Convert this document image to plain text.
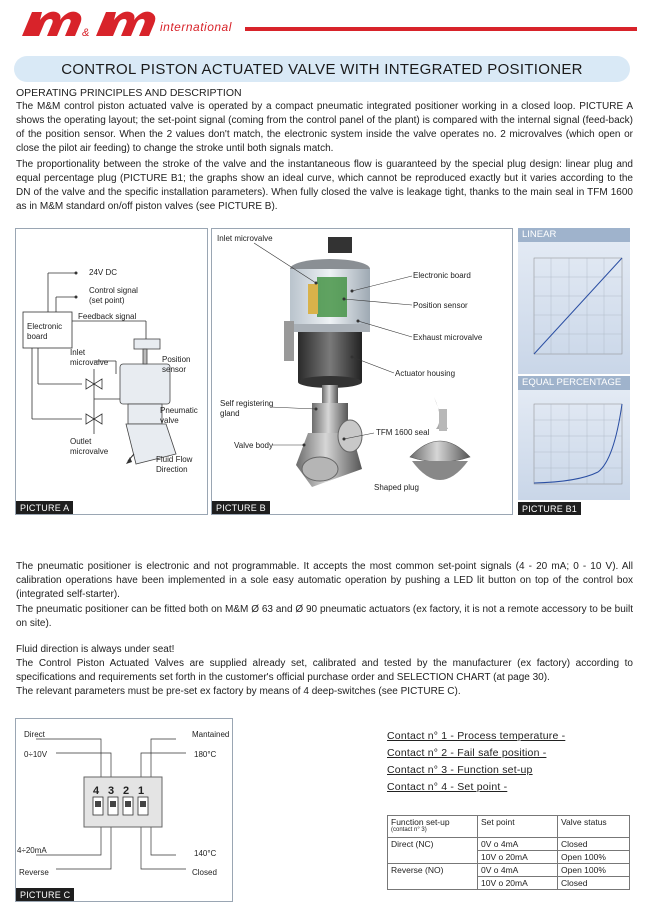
&	international
CONTROL PISTON ACTUATED VALVE WITH INTEGRATED POSITIONER
OPERATING PRINCIPLES AND DESCRIPTION
The M&M control piston actuated valve is operated by a compact pneumatic integrated positioner working in a closed loop. PICTURE A shows the operating layout; the set-point signal (coming from the control panel of the plant) is compared with the internal signal (feed-back) of the position sensor. When the 2 values don't match, the electronic system inside the valve operates no. 2 microvalves (which open or close the pilot air feeding) to change the stroke until both signals match.
The proportionality between the stroke of the valve and the instantaneous flow is guaranteed by the special plug design: linear plug and equal percentage plug (PICTURE B1; the graphs show an ideal curve, which cannot be reproduced exactly but it varies according to the DN of the valve and the specific installation parameters). When fully closed the valve is leakage tight, thanks to the main seal in TFM 1600 as in M&M standard on/off piston valves (see PICTURE B).
24V DC
Control signal
(set point)
Feedback signal
Electronic
board
Inlet
microvalve	Position
sensor
Pneumatic
valve
Outlet
microvalve
Fluid Flow
Direction
PICTURE A
Inlet microvalve
Electronic board
Position sensor
Exhaust microvalve
Actuator housing
Self registering
gland
Valve body
TFM 1600 seal
Shaped plug
PICTURE B
LINEAR
EQUAL PERCENTAGE
PICTURE B1
The pneumatic positioner is electronic and not programmable. It accepts the most common set-point signals (4 - 20 mA; 0 - 10 V). All calibration operations have been implemented in a sole easy automatic operation by pushing a LED lit button on top of the control box (integrated self-starter).
The pneumatic positioner can be fitted both on M&M Ø 63 and Ø 90 pneumatic actuators (ex factory, it is not a remote accessory to be built on site).
Fluid direction is always under seat!
The Control Piston Actuated Valves are supplied already set, calibrated and tested by the manufacturer (ex factory) according to specifications and requirements set forth in the customer's official purchase order and SELECTION CHART (at page 30).
The relevant parameters must be pre-set ex factory by means of 4 deep-switches (see PICTURE C).
4 3 2 1
Direct
0÷10V
Mantained
180°C
4÷20mA	140°C
Reverse	Closed
PICTURE C
Contact n° 1 - Process temperature -
Contact n° 2 - Fail safe position -
Contact n° 3 - Function set-up
Contact n° 4 - Set point -
Function set-up
(contact n° 3)	Set point	Valve status
Direct (NC)	0V o 4mA	Closed
	10V o 20mA	Open 100%
Reverse (NO)	0V o 4mA	Open 100%
	10V o 20mA	Closed
